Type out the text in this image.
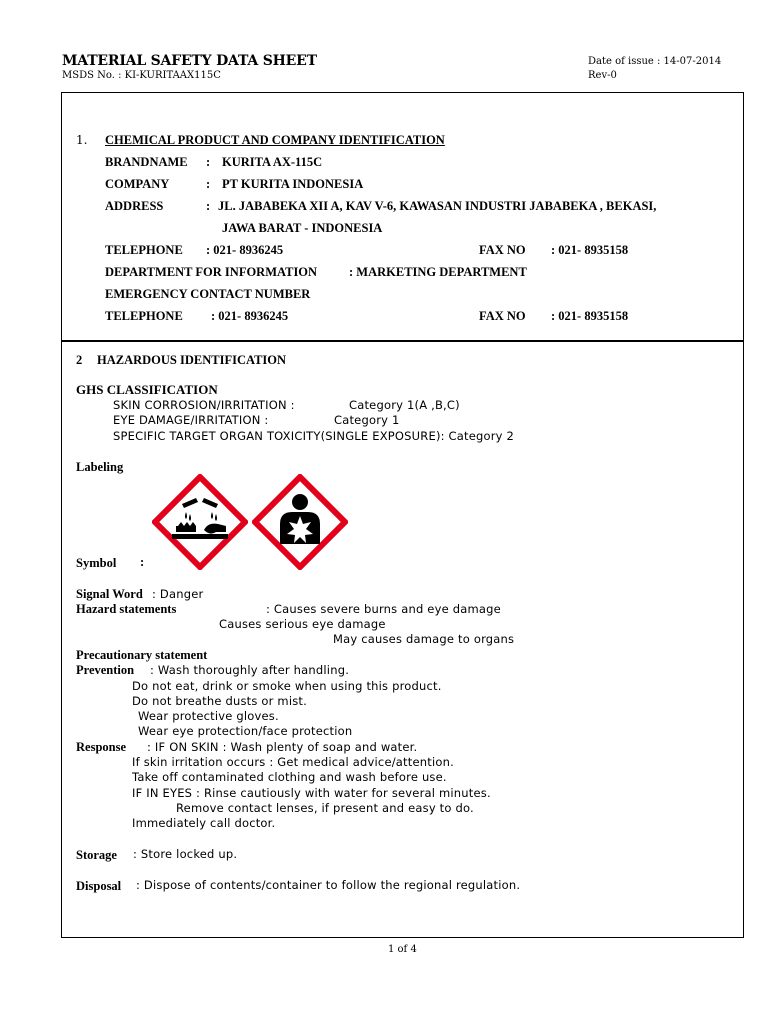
MATERIAL SAFETY DATA SHEET
MSDS No. : KI-KURITAAX115C
Date of issue : 14-07-2014
Rev-0
1. CHEMICAL PRODUCT AND COMPANY IDENTIFICATION
BRANDNAME : KURITA AX-115C
COMPANY	: PT KURITA INDONESIA
ADDRESS	: JL. JABABEKA XII A, KAV V-6, KAWASAN INDUSTRI JABABEKA , BEKASI,
JAWA BARAT - INDONESIA
TELEPHONE : 021- 8936245	FAX NO : 021- 8935158
DEPARTMENT FOR INFORMATION	: MARKETING DEPARTMENT
EMERGENCY CONTACT NUMBER
TELEPHONE : 021- 8936245	FAX NO : 021- 8935158
2 HAZARDOUS IDENTIFICATION
GHS CLASSIFICATION
SKIN CORROSION/IRRITATION :	Category 1(A ,B,C)
EYE DAMAGE/IRRITATION :	Category 1
SPECIFIC TARGET ORGAN TOXICITY(SINGLE EXPOSURE): Category 2
Labeling
Symbol :
Signal Word : Danger
Hazard statements	: Causes severe burns and eye damage
Causes serious eye damage
May causes damage to organs
Precautionary statement
Prevention : Wash thoroughly after handling.
Do not eat, drink or smoke when using this product.
Do not breathe dusts or mist.
Wear protective gloves.
Wear eye protection/face protection
Response : IF ON SKIN : Wash plenty of soap and water.
If skin irritation occurs : Get medical advice/attention.
Take off contaminated clothing and wash before use.
IF IN EYES : Rinse cautiously with water for several minutes.
Remove contact lenses, if present and easy to do.
Immediately call doctor.
Storage : Store locked up.
Disposal : Dispose of contents/container to follow the regional regulation.
1 of 4
